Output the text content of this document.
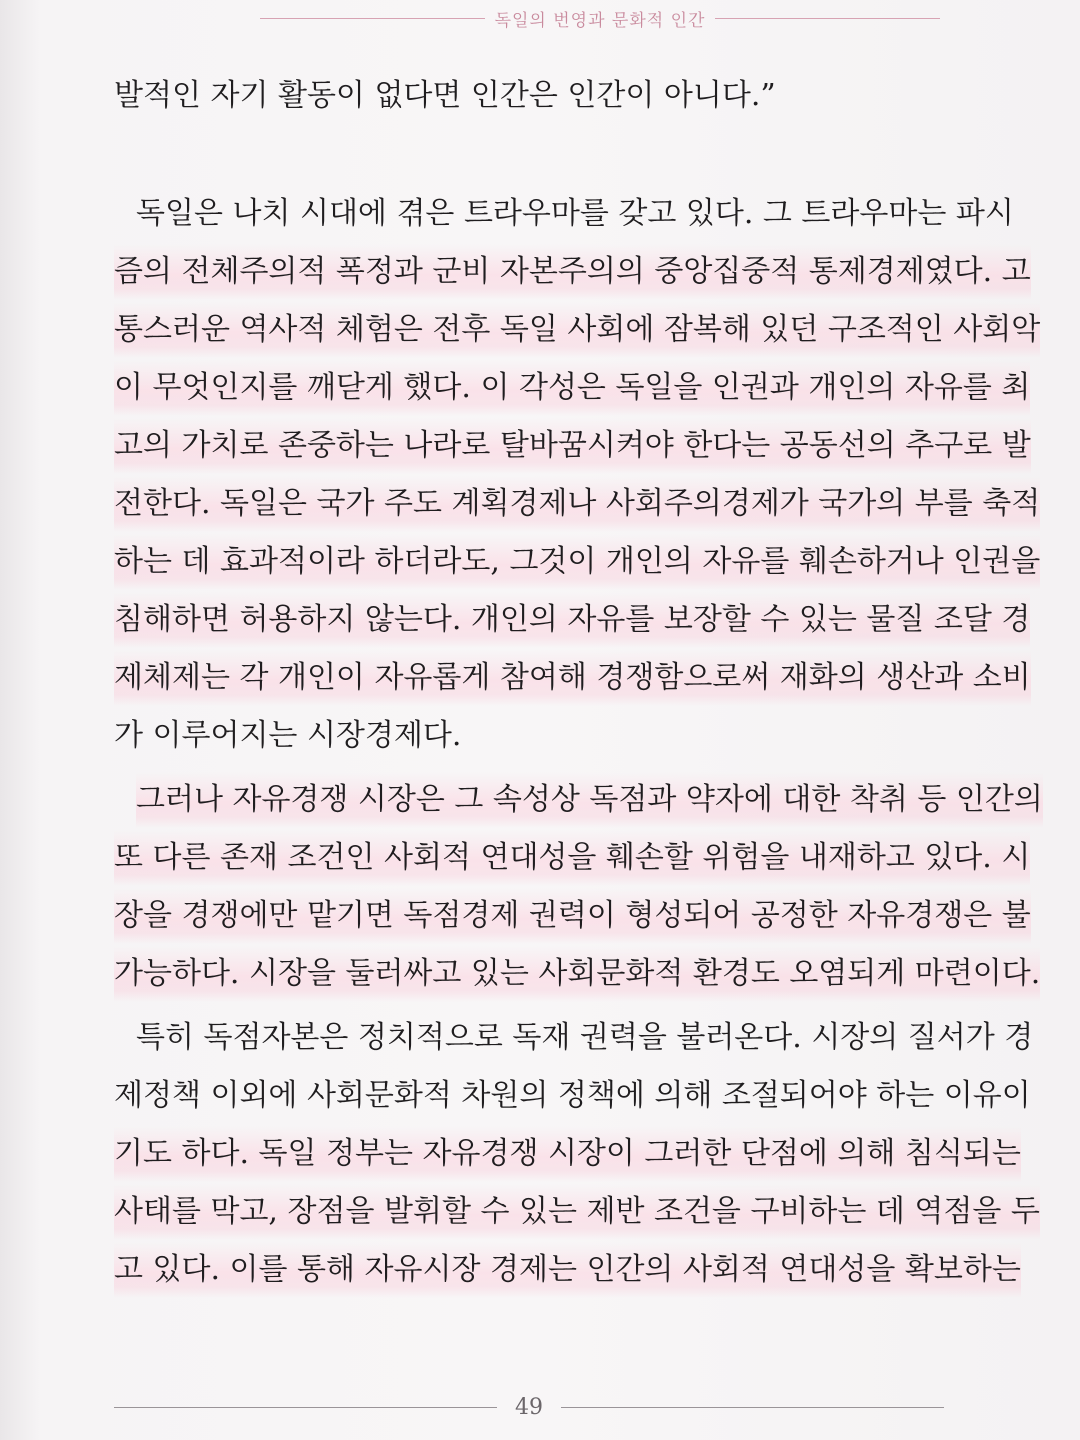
독일의 번영과 문화적 인간
발적인 자기 활동이 없다면 인간은 인간이 아니다.”
독일은 나치 시대에 겪은 트라우마를 갖고 있다. 그 트라우마는 파시
즘의 전체주의적 폭정과 군비 자본주의의 중앙집중적 통제경제였다. 고
통스러운 역사적 체험은 전후 독일 사회에 잠복해 있던 구조적인 사회악
이 무엇인지를 깨닫게 했다. 이 각성은 독일을 인권과 개인의 자유를 최
고의 가치로 존중하는 나라로 탈바꿈시켜야 한다는 공동선의 추구로 발
전한다. 독일은 국가 주도 계획경제나 사회주의경제가 국가의 부를 축적
하는 데 효과적이라 하더라도, 그것이 개인의 자유를 훼손하거나 인권을
침해하면 허용하지 않는다. 개인의 자유를 보장할 수 있는 물질 조달 경
제체제는 각 개인이 자유롭게 참여해 경쟁함으로써 재화의 생산과 소비
가 이루어지는 시장경제다.
그러나 자유경쟁 시장은 그 속성상 독점과 약자에 대한 착취 등 인간의
또 다른 존재 조건인 사회적 연대성을 훼손할 위험을 내재하고 있다. 시
장을 경쟁에만 맡기면 독점경제 권력이 형성되어 공정한 자유경쟁은 불
가능하다. 시장을 둘러싸고 있는 사회문화적 환경도 오염되게 마련이다.
특히 독점자본은 정치적으로 독재 권력을 불러온다. 시장의 질서가 경
제정책 이외에 사회문화적 차원의 정책에 의해 조절되어야 하는 이유이
기도 하다. 독일 정부는 자유경쟁 시장이 그러한 단점에 의해 침식되는
사태를 막고, 장점을 발휘할 수 있는 제반 조건을 구비하는 데 역점을 두
고 있다. 이를 통해 자유시장 경제는 인간의 사회적 연대성을 확보하는
49
